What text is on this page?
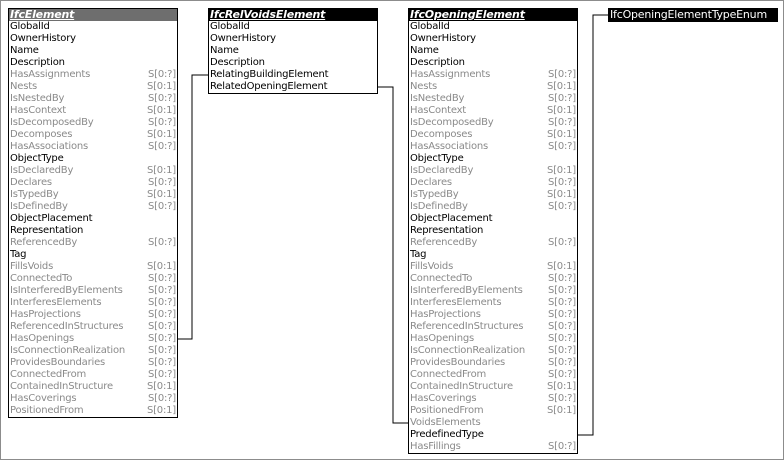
IfcElement
GlobalId
OwnerHistory
Name
Description
HasAssignments	S[0:?]
Nests	S[0:1]
IsNestedBy	S[0:?]
HasContext	S[0:1]
IsDecomposedBy	S[0:?]
Decomposes	S[0:1]
HasAssociations	S[0:?]
ObjectType
IsDeclaredBy	S[0:1]
Declares	S[0:?]
IsTypedBy	S[0:1]
IsDefinedBy	S[0:?]
ObjectPlacement
Representation
ReferencedBy	S[0:?]
Tag
FillsVoids	S[0:1]
ConnectedTo	S[0:?]
IsInterferedByElements	S[0:?]
InterferesElements	S[0:?]
HasProjections	S[0:?]
ReferencedInStructures S[0:?]
HasOpenings	S[0:?]
IsConnectionRealization S[0:?]
ProvidesBoundaries	S[0:?]
ConnectedFrom	S[0:?]
ContainedInStructure	S[0:1]
HasCoverings	S[0:?]
PositionedFrom	S[0:1]
IfcRelVoidsElement
GlobalId
OwnerHistory
Name
Description
RelatingBuildingElement
RelatedOpeningElement
IfcOpeningElement
GlobalId
OwnerHistory
Name
Description
HasAssignments	S[0:?]
Nests	S[0:1]
IsNestedBy	S[0:?]
HasContext	S[0:1]
IsDecomposedBy	S[0:?]
Decomposes	S[0:1]
HasAssociations	S[0:?]
ObjectType
IsDeclaredBy	S[0:1]
Declares	S[0:?]
IsTypedBy	S[0:1]
IsDefinedBy	S[0:?]
ObjectPlacement
Representation
ReferencedBy	S[0:?]
Tag
FillsVoids	S[0:1]
ConnectedTo	S[0:?]
IsInterferedByElements	S[0:?]
InterferesElements	S[0:?]
HasProjections	S[0:?]
ReferencedInStructures S[0:?]
HasOpenings	S[0:?]
IsConnectionRealization S[0:?]
ProvidesBoundaries	S[0:?]
ConnectedFrom	S[0:?]
ContainedInStructure	S[0:1]
HasCoverings	S[0:?]
PositionedFrom	S[0:1]
VoidsElements
PredefinedType
HasFillings	S[0:?]
IfcOpeningElementTypeEnum
